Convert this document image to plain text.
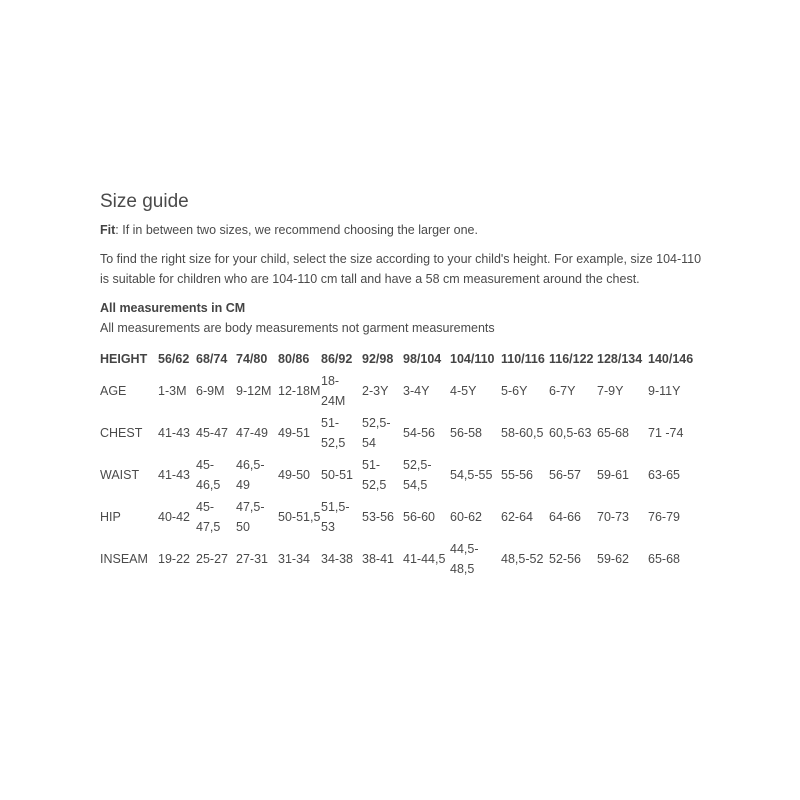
Size guide

Fit: If in between two sizes, we recommend choosing the larger one.

To find the right size for your child, select the size according to your child's height. For example, size 104-110 is suitable for children who are 104-110 cm tall and have a 58 cm measurement around the chest.

All measurements in CM

All measurements are body measurements not garment measurements

HEIGHT	56/62	68/74	74/80	80/86	86/92	92/98	98/104	104/110	110/116	116/122	128/134	140/146
AGE	1-3M	6-9M	9-12M	12-18M	18-24M	2-3Y	3-4Y	4-5Y	5-6Y	6-7Y	7-9Y	9-11Y
CHEST	41-43	45-47	47-49	49-51	51-52,5	52,5-54	54-56	56-58	58-60,5	60,5-63	65-68	71 -74
WAIST	41-43	45-46,5	46,5-49	49-50	50-51	51-52,5	52,5-54,5	54,5-55	55-56	56-57	59-61	63-65
HIP	40-42	45-47,5	47,5-50	50-51,5	51,5-53	53-56	56-60	60-62	62-64	64-66	70-73	76-79
INSEAM	19-22	25-27	27-31	31-34	34-38	38-41	41-44,5	44,5-48,5	48,5-52	52-56	59-62	65-68
